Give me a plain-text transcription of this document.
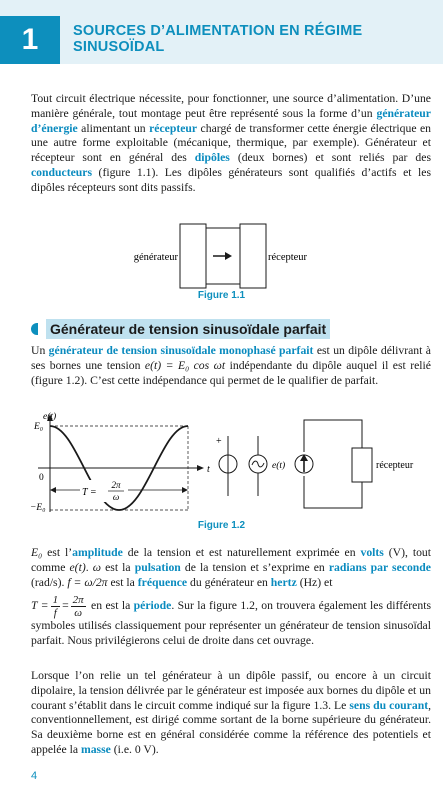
1	SOURCES D’ALIMENTATION EN RÉGIME
SINUSOÏDAL

Tout circuit électrique nécessite, pour fonctionner, une source d’alimentation. D’une manière générale, tout montage peut être représenté sous la forme d’un générateur d’énergie alimentant un récepteur chargé de transformer cette énergie électrique en une autre forme exploitable (mécanique, thermique, par exemple). Générateur et récepteur sont en général des dipôles (deux bornes) et sont reliés par des conducteurs (figure 1.1). Les dipôles générateurs sont qualifiés d’actifs et les dipôles récepteurs sont dits passifs.

générateur	récepteur
Figure 1.1
Générateur de tension sinusoïdale parfait

Un générateur de tension sinusoïdale monophasé parfait est un dipôle délivrant à ses bornes une tension e(t) = E₀ cos ωt indépendante du dipôle auquel il est relié (figure 1.2). C’est cette indépendance qui permet de le qualifier de parfait.

e(t)
t
E₀
0
−E₀
T =
2π
ω
+
e(t)	récepteur
Figure 1.2

E₀ est l’amplitude de la tension et est naturellement exprimée en volts (V), tout comme e(t). ω est la pulsation de la tension et s’exprime en radians par seconde (rad/s). f = ω/2π est la fréquence du générateur en hertz (Hz) et

$T = \frac{1}{f} = \frac{2\pi}{\omega}$ en est la période. Sur la figure 1.2, on trouvera également les différents symboles utilisés classiquement pour représenter un générateur de tension sinusoïdal parfait. Nous privilégierons celui de droite dans cet ouvrage.

Lorsque l’on relie un tel générateur à un dipôle passif, ou encore à un circuit dipolaire, la tension délivrée par le générateur est imposée aux bornes du dipôle et un courant s’établit dans le circuit comme indiqué sur la figure 1.3. Le sens du courant, conventionnellement, est dirigé comme sortant de la borne supérieure du générateur. Sa deuxième borne est en général considérée comme la référence des potentiels et appelée la masse (i.e. 0 V).

4
